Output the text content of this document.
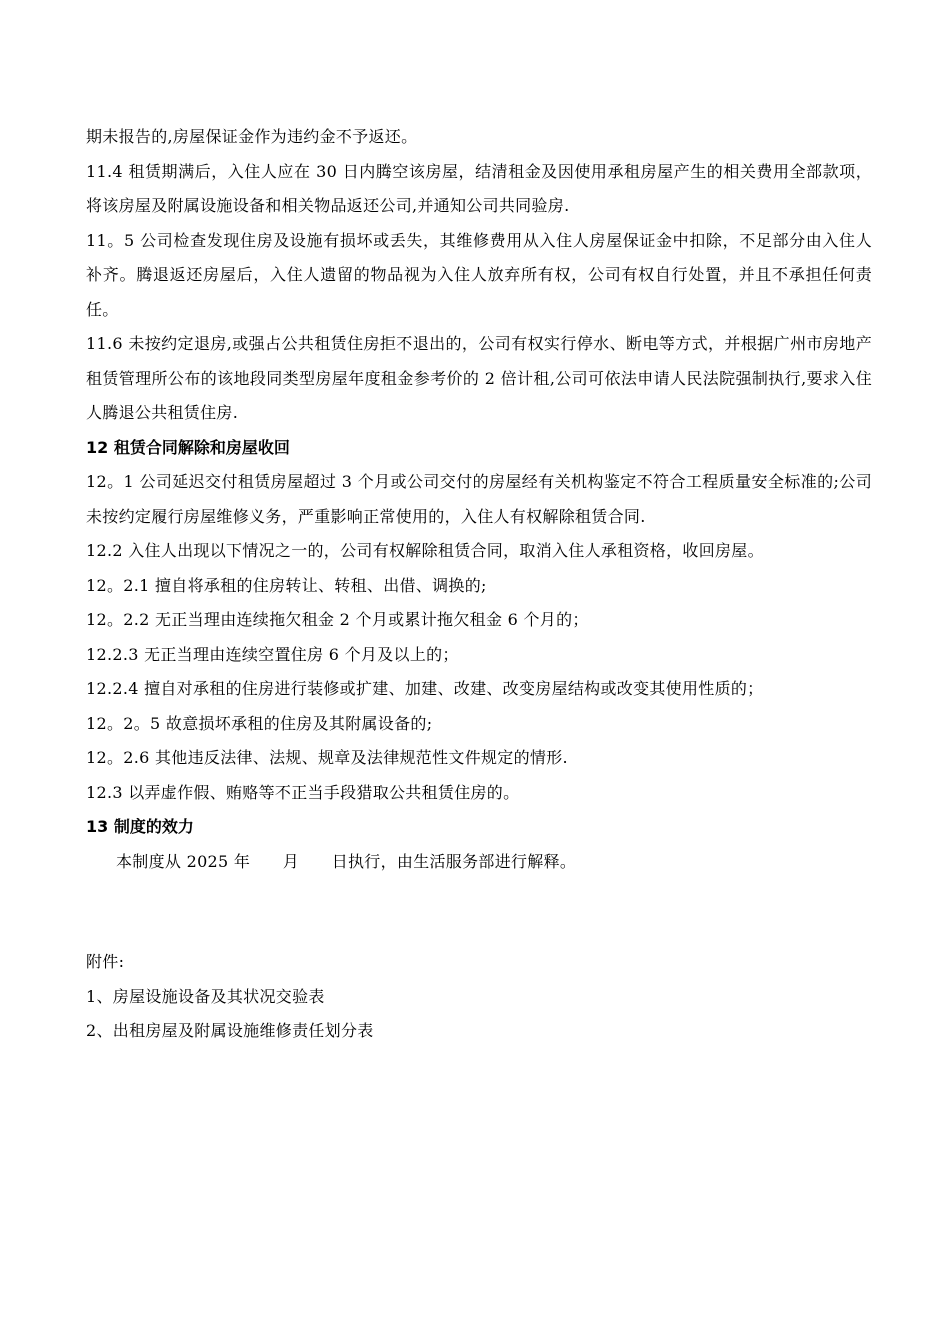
期未报告的,房屋保证金作为违约金不予返还。
11.4 租赁期满后，入住人应在 30 日内腾空该房屋，结清租金及因使用承租房屋产生的相关费用全部款项，将该房屋及附属设施设备和相关物品返还公司,并通知公司共同验房.
11。5 公司检查发现住房及设施有损坏或丢失，其维修费用从入住人房屋保证金中扣除，不足部分由入住人补齐。腾退返还房屋后，入住人遗留的物品视为入住人放弃所有权，公司有权自行处置，并且不承担任何责任。
11.6 未按约定退房,或强占公共租赁住房拒不退出的，公司有权实行停水、断电等方式，并根据广州市房地产租赁管理所公布的该地段同类型房屋年度租金参考价的 2 倍计租,公司可依法申请人民法院强制执行,要求入住人腾退公共租赁住房.
12 租赁合同解除和房屋收回
12。1 公司延迟交付租赁房屋超过 3 个月或公司交付的房屋经有关机构鉴定不符合工程质量安全标准的;公司未按约定履行房屋维修义务，严重影响正常使用的，入住人有权解除租赁合同.
12.2 入住人出现以下情况之一的，公司有权解除租赁合同，取消入住人承租资格，收回房屋。
12。2.1 擅自将承租的住房转让、转租、出借、调换的;
12。2.2 无正当理由连续拖欠租金 2 个月或累计拖欠租金 6 个月的；
12.2.3 无正当理由连续空置住房 6 个月及以上的；
12.2.4 擅自对承租的住房进行装修或扩建、加建、改建、改变房屋结构或改变其使用性质的；
12。2。5 故意损坏承租的住房及其附属设备的;
12。2.6 其他违反法律、法规、规章及法律规范性文件规定的情形.
12.3 以弄虚作假、贿赂等不正当手段猎取公共租赁住房的。
13 制度的效力
本制度从 2025 年　　月　　日执行，由生活服务部进行解释。
附件:
1、房屋设施设备及其状况交验表
2、出租房屋及附属设施维修责任划分表
